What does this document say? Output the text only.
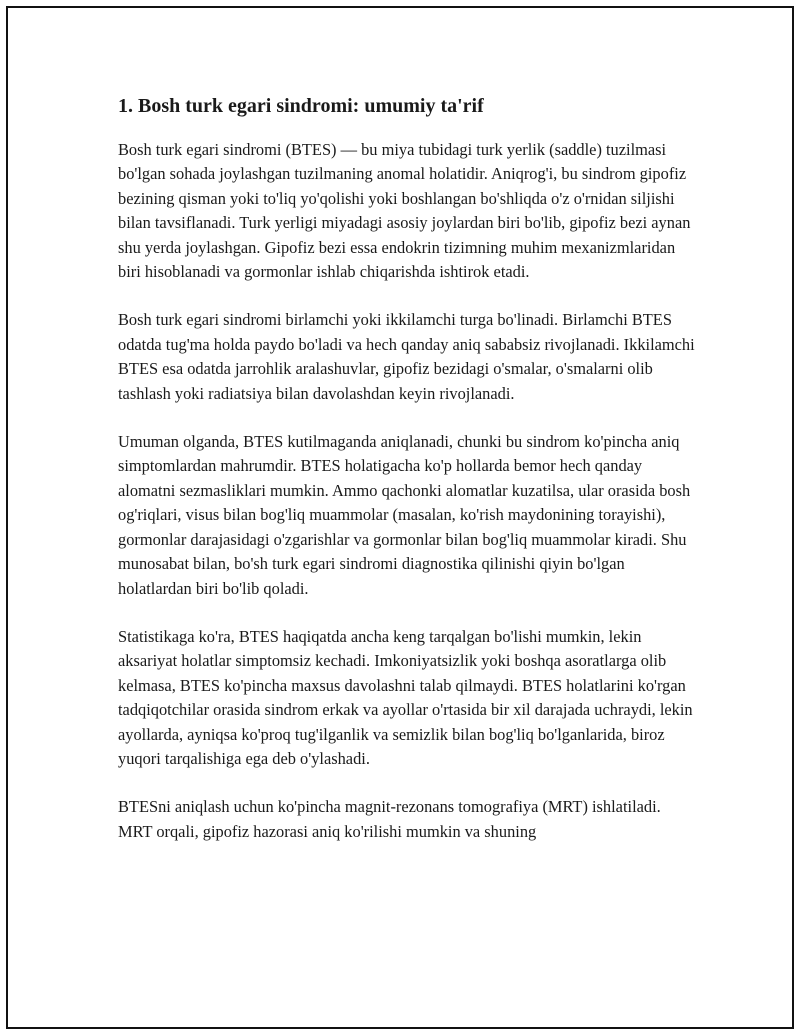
1. Bosh turk egari sindromi: umumiy ta'rif

Bosh turk egari sindromi (BTES) — bu miya tubidagi turk yerlik (saddle) tuzilmasi bo'lgan sohada joylashgan tuzilmaning anomal holatidir. Aniqrog'i, bu sindrom gipofiz bezining qisman yoki to'liq yo'qolishi yoki boshlangan bo'shliqda o'z o'rnidan siljishi bilan tavsiflanadi. Turk yerligi miyadagi asosiy joylardan biri bo'lib, gipofiz bezi aynan shu yerda joylashgan. Gipofiz bezi essa endokrin tizimning muhim mexanizmlaridan biri hisoblanadi va gormonlar ishlab chiqarishda ishtirok etadi.

Bosh turk egari sindromi birlamchi yoki ikkilamchi turga bo'linadi. Birlamchi BTES odatda tug'ma holda paydo bo'ladi va hech qanday aniq sababsiz rivojlanadi. Ikkilamchi BTES esa odatda jarrohlik aralashuvlar, gipofiz bezidagi o'smalar, o'smalarni olib tashlash yoki radiatsiya bilan davolashdan keyin rivojlanadi.

Umuman olganda, BTES kutilmaganda aniqlanadi, chunki bu sindrom ko'pincha aniq simptomlardan mahrumdir. BTES holatigacha ko'p hollarda bemor hech qanday alomatni sezmasliklari mumkin. Ammo qachonki alomatlar kuzatilsa, ular orasida bosh og'riqlari, visus bilan bog'liq muammolar (masalan, ko'rish maydonining torayishi), gormonlar darajasidagi o'zgarishlar va gormonlar bilan bog'liq muammolar kiradi. Shu munosabat bilan, bo'sh turk egari sindromi diagnostika qilinishi qiyin bo'lgan holatlardan biri bo'lib qoladi.

Statistikaga ko'ra, BTES haqiqatda ancha keng tarqalgan bo'lishi mumkin, lekin aksariyat holatlar simptomsiz kechadi. Imkoniyatsizlik yoki boshqa asoratlarga olib kelmasa, BTES ko'pincha maxsus davolashni talab qilmaydi. BTES holatlarini ko'rgan tadqiqotchilar orasida sindrom erkak va ayollar o'rtasida bir xil darajada uchraydi, lekin ayollarda, ayniqsa ko'proq tug'ilganlik va semizlik bilan bog'liq bo'lganlarida, biroz yuqori tarqalishiga ega deb o'ylashadi.

BTESni aniqlash uchun ko'pincha magnit-rezonans tomografiya (MRT) ishlatiladi. MRT orqali, gipofiz hazorasi aniq ko'rilishi mumkin va shuning
